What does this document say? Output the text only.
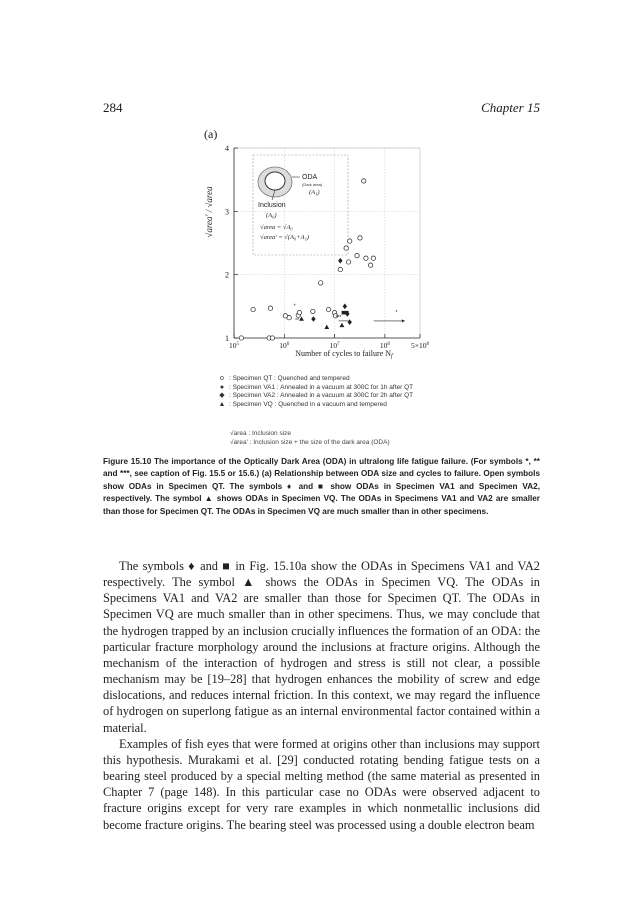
284	Chapter 15
(a)
ODA
(Dark area)
(A₁)
Inclusion
(A₀)
√area = √A₀
√area' = √(A₀+A₁)
1
2
3
4
$10^5$	$10^6$	$10^7$	$10^8$	$5\times 10^8$
*
**
***
*
√area' / √area
Number of cycles to failure Nf
o : Specimen QT : Quenched and tempered
● : Specimen VA1 : Annealed in a vacuum at 300C for 1h after QT
◆ : Specimen VA2 : Annealed in a vacuum at 300C for 2h after QT
▲ : Specimen VQ : Quenched in a vacuum and tempered
√area : Inclusion size
√area' : Inclusion size + the size of the dark area (ODA)
Figure 15.10 The importance of the Optically Dark Area (ODA) in ultralong life fatigue failure. (For symbols *, ** and ***, see caption of Fig. 15.5 or 15.6.) (a) Relationship between ODA size and cycles to failure. Open symbols show ODAs in Specimen QT. The symbols ♦ and ■ show ODAs in Specimen VA1 and Specimen VA2, respectively. The symbol ▲ shows ODAs in Specimen VQ. The ODAs in Specimens VA1 and VA2 are smaller than those for Specimen QT. The ODAs in Specimen VQ are much smaller than in other specimens.

The symbols ♦ and ■ in Fig. 15.10a show the ODAs in Specimens VA1 and VA2 respectively. The symbol ▲ shows the ODAs in Specimen VQ. The ODAs in Specimens VA1 and VA2 are smaller than those for Specimen QT. The ODAs in Specimen VQ are much smaller than in other specimens. Thus, we may conclude that the hydrogen trapped by an inclusion crucially influences the formation of an ODA: the particular fracture morphology around the inclusions at fracture origins. Although the mechanism of the interaction of hydrogen and stress is still not clear, a possible mechanism may be [19–28] that hydrogen enhances the mobility of screw and edge dislocations, and reduces internal friction. In this context, we may regard the influence of hydrogen on superlong fatigue as an internal environmental factor contained within a material.

Examples of fish eyes that were formed at origins other than inclusions may support this hypothesis. Murakami et al. [29] conducted rotating bending fatigue tests on a bearing steel produced by a special melting method (the same material as presented in Chapter 7 (page 148). In this particular case no ODAs were observed adjacent to fracture origins except for very rare examples in which nonmetallic inclusions did become fracture origins. The bearing steel was processed using a double electron beam
